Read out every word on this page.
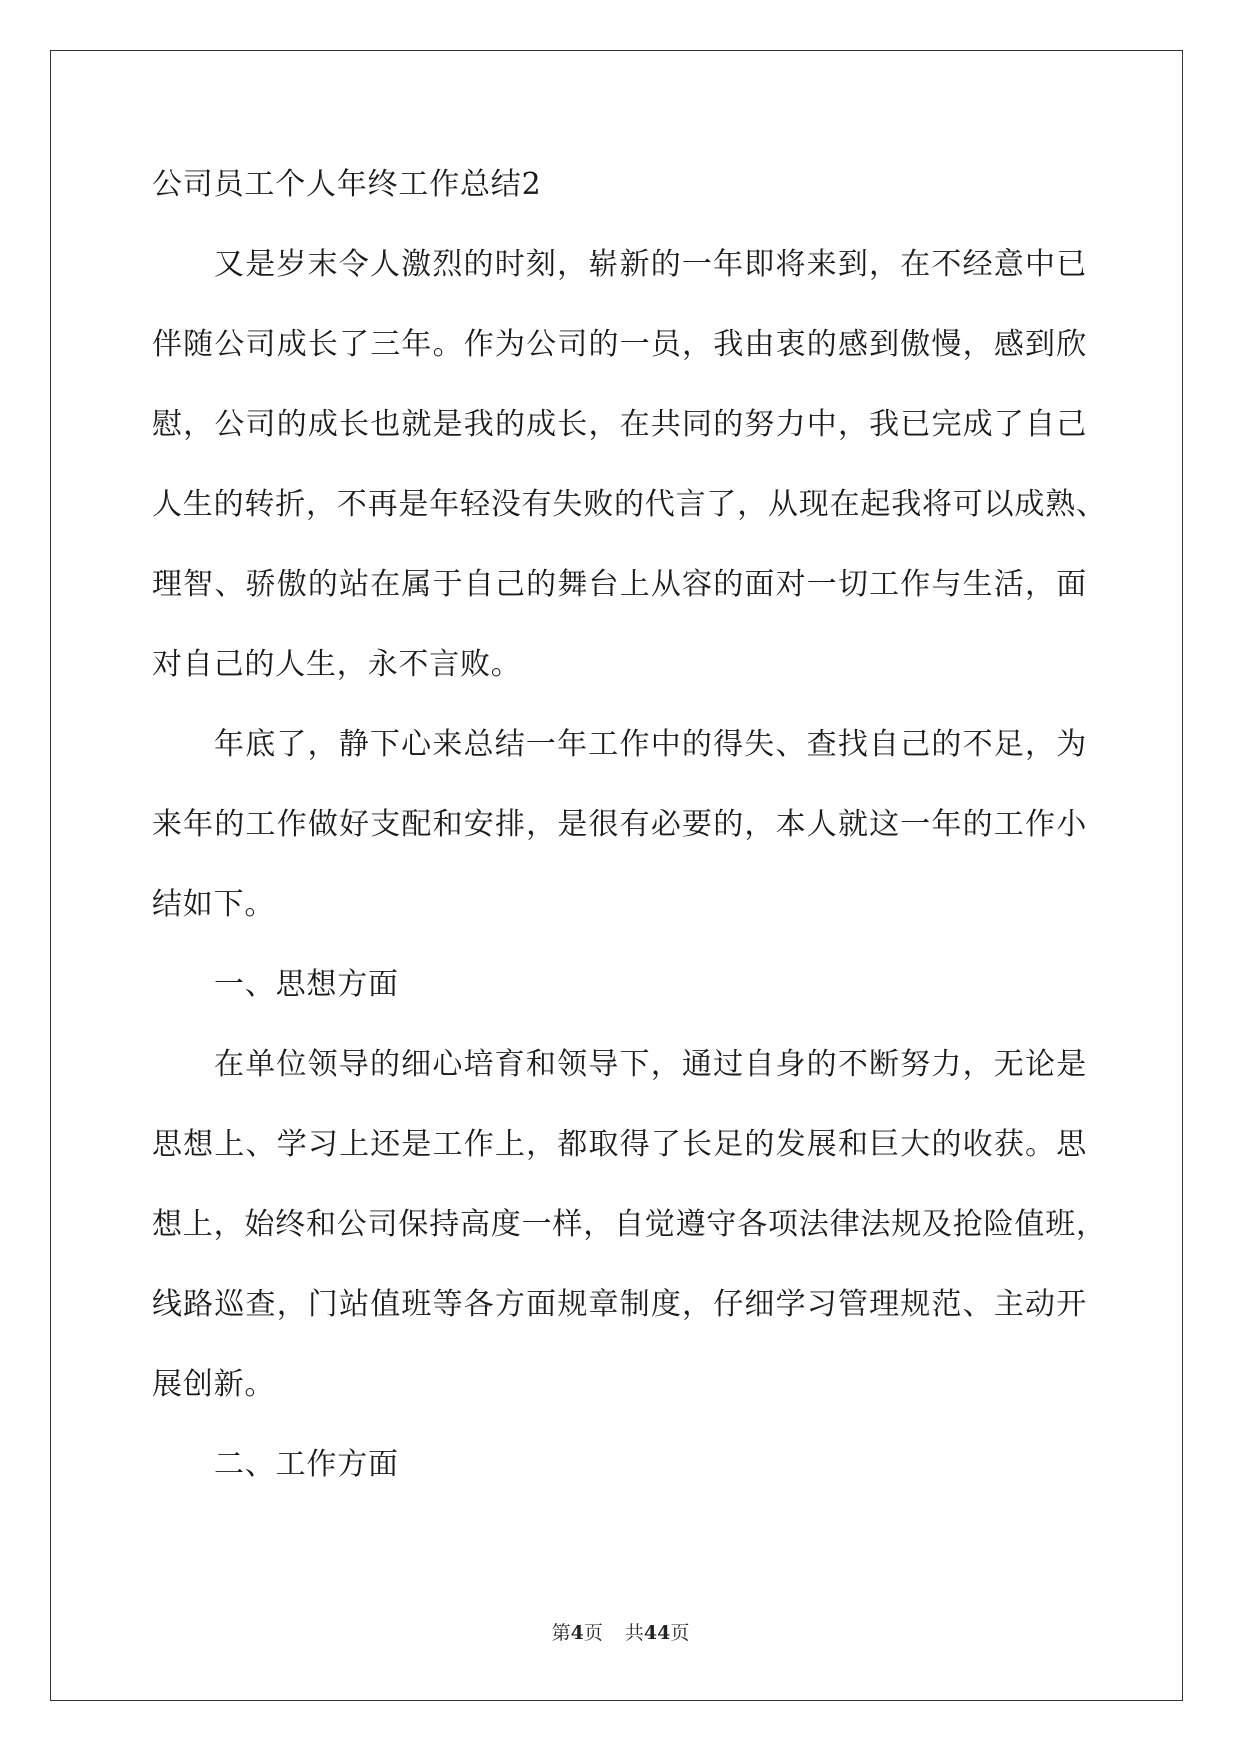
公司员工个人年终工作总结2
又是岁末令人激烈的时刻，崭新的一年即将来到，在不经意中已
伴随公司成长了三年。作为公司的一员，我由衷的感到傲慢，感到欣
慰，公司的成长也就是我的成长，在共同的努力中，我已完成了自己
人生的转折，不再是年轻没有失败的代言了，从现在起我将可以成熟、
理智、骄傲的站在属于自己的舞台上从容的面对一切工作与生活，面
对自己的人生，永不言败。
年底了，静下心来总结一年工作中的得失、查找自己的不足，为
来年的工作做好支配和安排，是很有必要的，本人就这一年的工作小
结如下。
一、思想方面
在单位领导的细心培育和领导下，通过自身的不断努力，无论是
思想上、学习上还是工作上，都取得了长足的发展和巨大的收获。思
想上，始终和公司保持高度一样，自觉遵守各项法律法规及抢险值班，
线路巡查，门站值班等各方面规章制度，仔细学习管理规范、主动开
展创新。
二、工作方面
第4页 共44页
